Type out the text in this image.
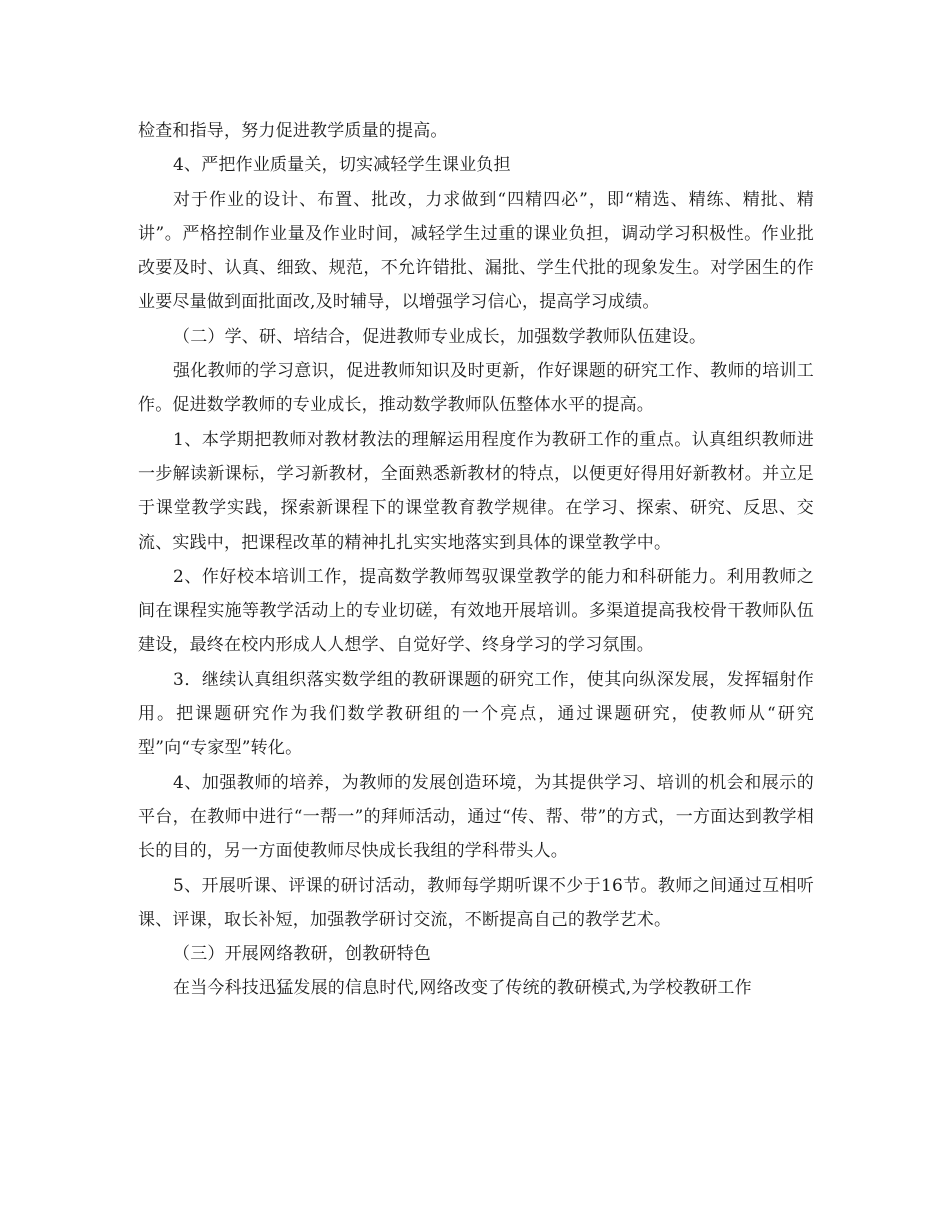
检查和指导，努力促进教学质量的提高。

4、严把作业质量关，切实减轻学生课业负担

对于作业的设计、布置、批改，力求做到“四精四必”，即“精选、精练、精批、精讲”。严格控制作业量及作业时间，减轻学生过重的课业负担，调动学习积极性。作业批改要及时、认真、细致、规范，不允许错批、漏批、学生代批的现象发生。对学困生的作业要尽量做到面批面改,及时辅导，以增强学习信心，提高学习成绩。

（二）学、研、培结合，促进教师专业成长，加强数学教师队伍建设。

强化教师的学习意识，促进教师知识及时更新，作好课题的研究工作、教师的培训工作。促进数学教师的专业成长，推动数学教师队伍整体水平的提高。

1、本学期把教师对教材教法的理解运用程度作为教研工作的重点。认真组织教师进一步解读新课标，学习新教材，全面熟悉新教材的特点，以便更好得用好新教材。并立足于课堂教学实践，探索新课程下的课堂教育教学规律。在学习、探索、研究、反思、交流、实践中，把课程改革的精神扎扎实实地落实到具体的课堂教学中。

2、作好校本培训工作，提高数学教师驾驭课堂教学的能力和科研能力。利用教师之间在课程实施等教学活动上的专业切磋，有效地开展培训。多渠道提高我校骨干教师队伍建设，最终在校内形成人人想学、自觉好学、终身学习的学习氛围。

3．继续认真组织落实数学组的教研课题的研究工作，使其向纵深发展，发挥辐射作用。把课题研究作为我们数学教研组的一个亮点，通过课题研究，使教师从“研究型”向“专家型”转化。

4、加强教师的培养，为教师的发展创造环境，为其提供学习、培训的机会和展示的平台，在教师中进行“一帮一”的拜师活动，通过“传、帮、带”的方式，一方面达到教学相长的目的，另一方面使教师尽快成长我组的学科带头人。

5、开展听课、评课的研讨活动，教师每学期听课不少于16节。教师之间通过互相听课、评课，取长补短，加强教学研讨交流，不断提高自己的教学艺术。

（三）开展网络教研，创教研特色

在当今科技迅猛发展的信息时代,网络改变了传统的教研模式,为学校教研工作
